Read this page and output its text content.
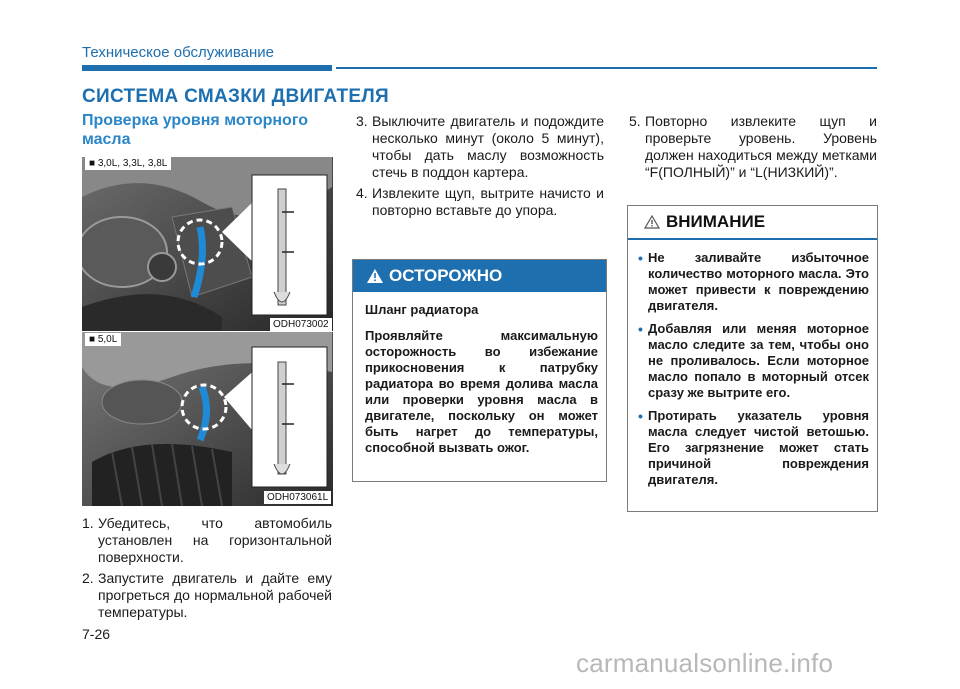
Техническое обслуживание
СИСТЕМА СМАЗКИ ДВИГАТЕЛЯ
Проверка уровня моторного масла
■ 3,0L, 3,3L, 3,8L
ODH073002
■ 5,0L
ODH073061L
1. Убедитесь, что автомобиль установлен на горизонтальной поверхности.
2. Запустите двигатель и дайте ему прогреться до нормальной рабочей температуры.
3. Выключите двигатель и подождите несколько минут (около 5 минут), чтобы дать маслу возможность стечь в поддон картера.
4. Извлеките щуп, вытрите начисто и повторно вставьте до упора.
ОСТОРОЖНО
Шланг радиатора
Проявляйте максимальную осторожность во избежание прикосновения к патрубку радиатора во время долива масла или проверки уровня масла в двигателе, поскольку он может быть нагрет до температуры, способной вызвать ожог.
5. Повторно извлеките щуп и проверьте уровень. Уровень должен находиться между метками “F(ПОЛНЫЙ)” и “L(НИЗКИЙ)”.
ВНИМАНИЕ
• Не заливайте избыточное количество моторного масла. Это может привести к повреждению двигателя.
• Добавляя или меняя моторное масло следите за тем, чтобы оно не проливалось. Если моторное масло попало в моторный отсек сразу же вытрите его.
• Протирать указатель уровня масла следует чистой ветошью. Его загрязнение может стать причиной повреждения двигателя.
7-26
carmanualsonline.info
